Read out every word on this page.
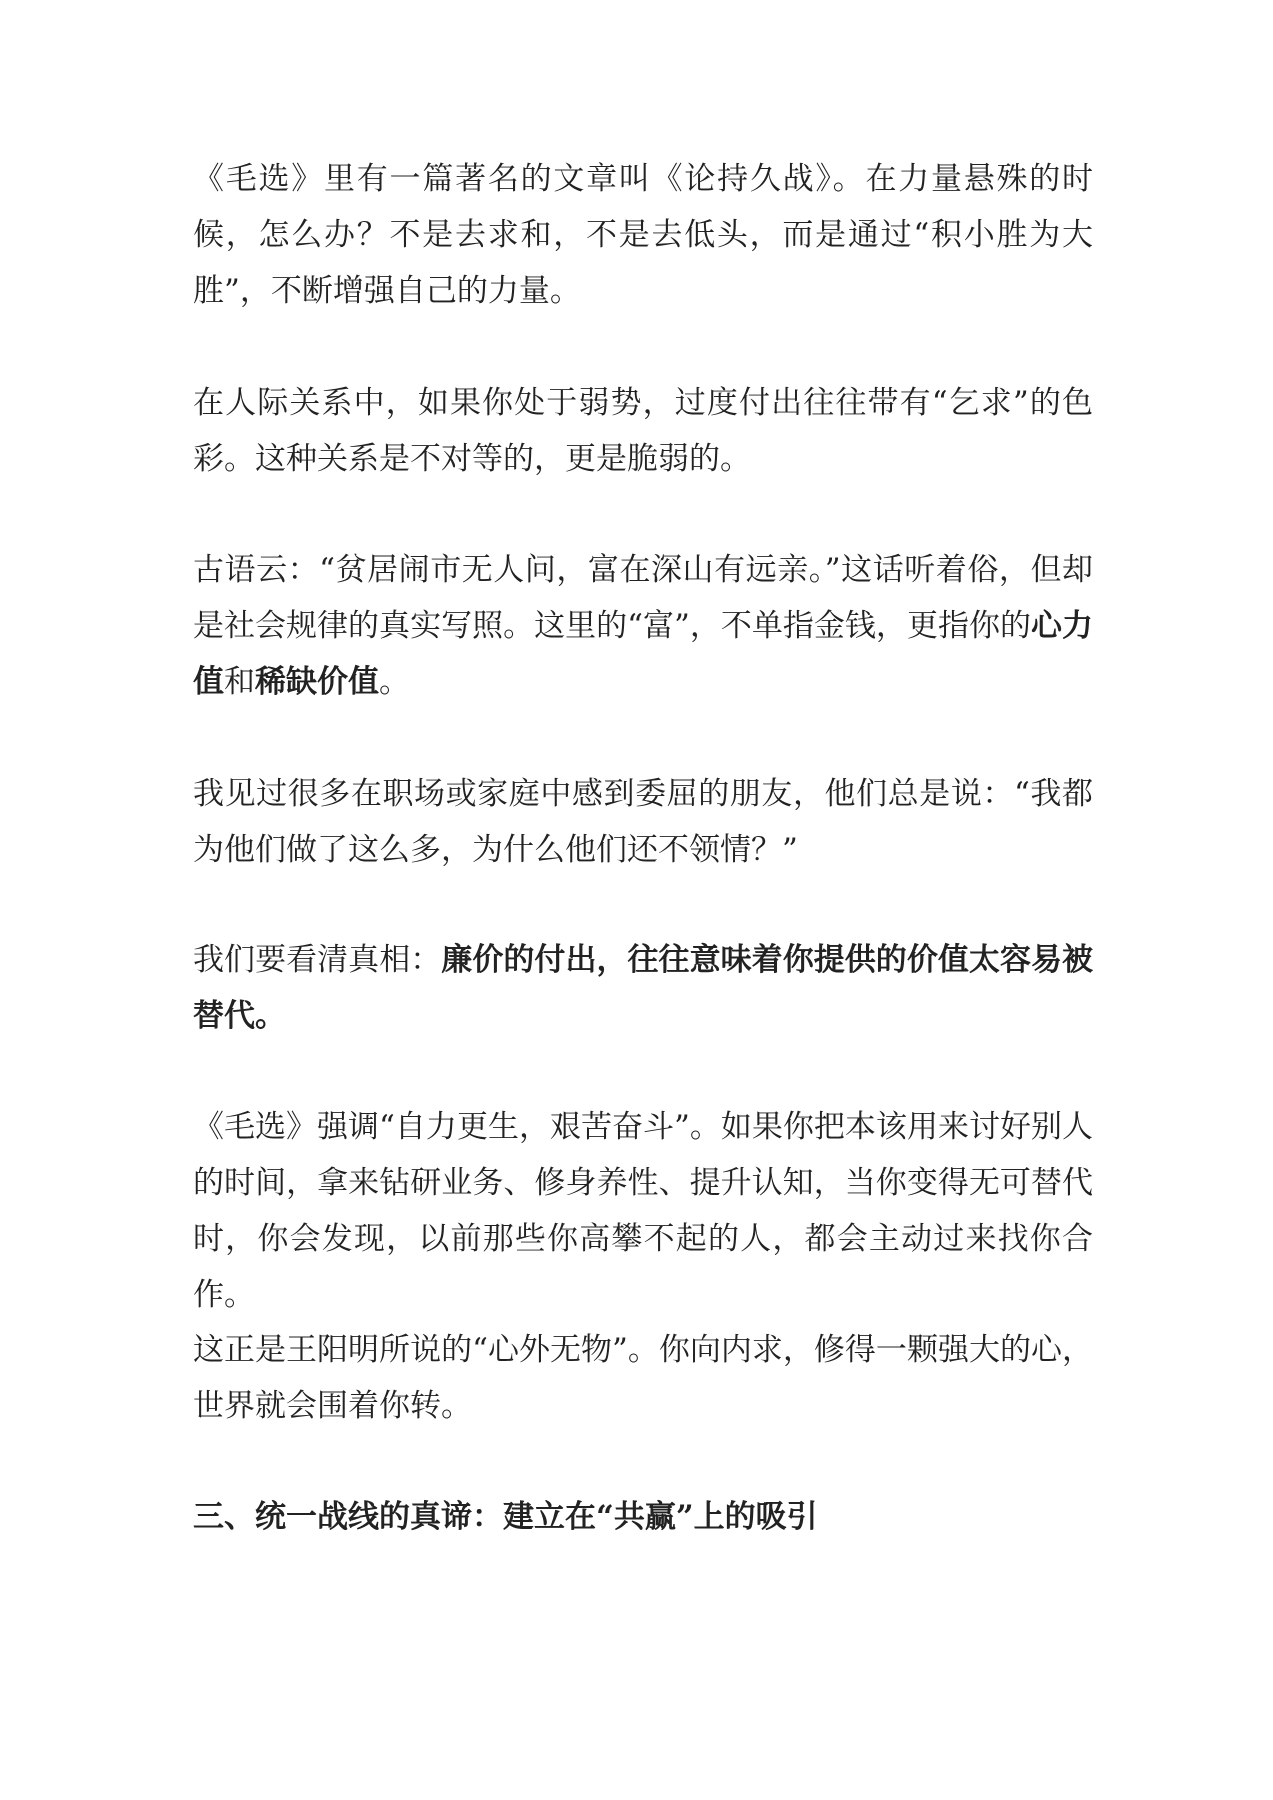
《毛选》里有一篇著名的文章叫《论持久战》。在力量悬殊的时候，怎么办？不是去求和，不是去低头，而是通过“积小胜为大胜”，不断增强自己的力量。

在人际关系中，如果你处于弱势，过度付出往往带有“乞求”的色彩。这种关系是不对等的，更是脆弱的。

古语云：“贫居闹市无人问，富在深山有远亲。”这话听着俗，但却是社会规律的真实写照。这里的“富”，不单指金钱，更指你的心力值和稀缺价值。

我见过很多在职场或家庭中感到委屈的朋友，他们总是说：“我都为他们做了这么多，为什么他们还不领情？”

我们要看清真相：廉价的付出，往往意味着你提供的价值太容易被替代。

《毛选》强调“自力更生，艰苦奋斗”。如果你把本该用来讨好别人的时间，拿来钻研业务、修身养性、提升认知，当你变得无可替代时，你会发现，以前那些你高攀不起的人，都会主动过来找你合作。

这正是王阳明所说的“心外无物”。你向内求，修得一颗强大的心，世界就会围着你转。

三、统一战线的真谛：建立在“共赢”上的吸引
